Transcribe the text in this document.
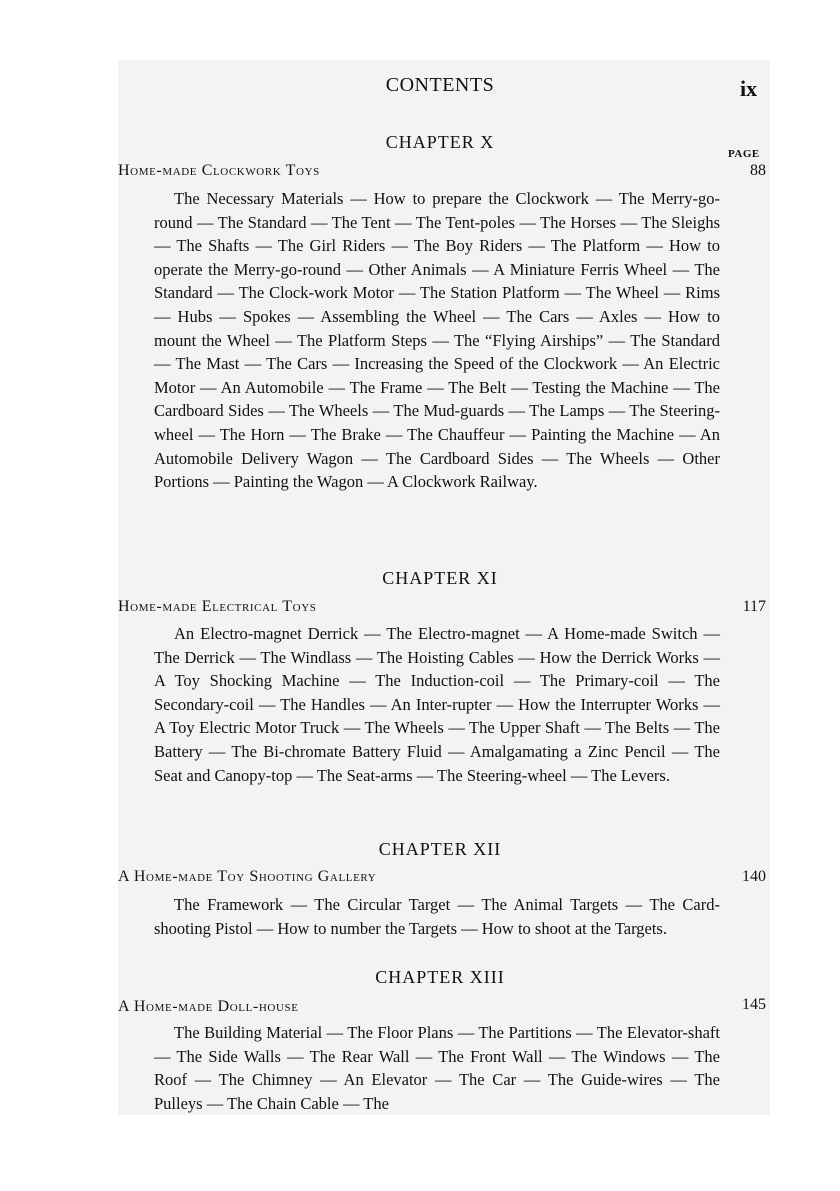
CONTENTS	ix
PAGE
CHAPTER X
Home-made Clockwork Toys	88

The Necessary Materials — How to prepare the Clockwork — The Merry-go-round — The Standard — The Tent — The Tent-poles — The Horses — The Sleighs — The Shafts — The Girl Riders — The Boy Riders — The Platform — How to operate the Merry-go-round — Other Animals — A Miniature Ferris Wheel — The Standard — The Clock-work Motor — The Station Platform — The Wheel — Rims — Hubs — Spokes — Assembling the Wheel — The Cars — Axles — How to mount the Wheel — The Platform Steps — The “Flying Airships” — The Standard — The Mast — The Cars — Increasing the Speed of the Clockwork — An Electric Motor — An Automobile — The Frame — The Belt — Testing the Machine — The Cardboard Sides — The Wheels — The Mud-guards — The Lamps — The Steering-wheel — The Horn — The Brake — The Chauffeur — Painting the Machine — An Automobile Delivery Wagon — The Cardboard Sides — The Wheels — Other Portions — Painting the Wagon — A Clockwork Railway.

CHAPTER XI
Home-made Electrical Toys	117

An Electro-magnet Derrick — The Electro-magnet — A Home-made Switch — The Derrick — The Windlass — The Hoisting Cables — How the Derrick Works — A Toy Shocking Machine — The Induction-coil — The Primary-coil — The Secondary-coil — The Handles — An Inter-rupter — How the Interrupter Works — A Toy Electric Motor Truck — The Wheels — The Upper Shaft — The Belts — The Battery — The Bi-chromate Battery Fluid — Amalgamating a Zinc Pencil — The Seat and Canopy-top — The Seat-arms — The Steering-wheel — The Levers.

CHAPTER XII
A Home-made Toy Shooting Gallery	140

The Framework — The Circular Target — The Animal Targets — The Card-shooting Pistol — How to number the Targets — How to shoot at the Targets.

CHAPTER XIII
A Home-made Doll-house	145

The Building Material — The Floor Plans — The Partitions — The Elevator-shaft — The Side Walls — The Rear Wall — The Front Wall — The Windows — The Roof — The Chimney — An Elevator — The Car — The Guide-wires — The Pulleys — The Chain Cable — The
